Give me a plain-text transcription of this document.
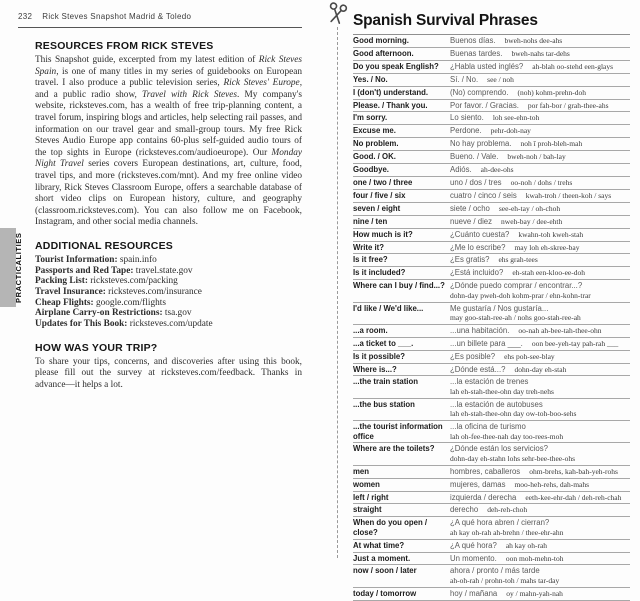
232 Rick Steves Snapshot Madrid & Toledo
RESOURCES FROM RICK STEVES

This Snapshot guide, excerpted from my latest edition of Rick Steves Spain, is one of many titles in my series of guidebooks on European travel. I also produce a public television series, Rick Steves' Europe, and a public radio show, Travel with Rick Steves. My company's website, ricksteves.com, has a wealth of free trip-planning content, a travel forum, inspiring blogs and articles, help selecting rail passes, and information on our travel gear and small-group tours. My free Rick Steves Audio Europe app contains 60-plus self-guided audio tours of the top sights in Europe (ricksteves.com/audioeurope). Our Monday Night Travel series covers European destinations, art, culture, food, travel tips, and more (ricksteves.com/mnt). And my free online video library, Rick Steves Classroom Europe, offers a searchable database of short video clips on European history, culture, and geography (classroom.ricksteves.com). You can also follow me on Facebook, Instagram, and other social media channels.

ADDITIONAL RESOURCES
Tourist Information: spain.info
Passports and Red Tape: travel.state.gov
Packing List: ricksteves.com/packing
Travel Insurance: ricksteves.com/insurance
Cheap Flights: google.com/flights
Airplane Carry-on Restrictions: tsa.gov
Updates for This Book: ricksteves.com/update
HOW WAS YOUR TRIP?

To share your tips, concerns, and discoveries after using this book, please fill out the survey at ricksteves.com/feedback. Thanks in advance—it helps a lot.

PRACTICALITIES
Spanish Survival Phrases
Good morning.	Buenos días. bweh-nohs dee-ahs
Good afternoon.	Buenas tardes. bweh-nahs tar-dehs
Do you speak English?	¿Habla usted inglés? ah-blah oo-stehd een-glays
Yes. / No.	Sí. / No. see / noh
I (don't) understand.	(No) comprendo. (noh) kohm-prehn-doh
Please. / Thank you.	Por favor. / Gracias. por fah-bor / grah-thee-ahs
I'm sorry.	Lo siento. loh see-ehn-toh
Excuse me.	Perdone. pehr-doh-nay
No problem.	No hay problema. noh ī proh-bleh-mah
Good. / OK.	Bueno. / Vale. bweh-noh / bah-lay
Goodbye.	Adiós. ah-dee-ohs
one / two / three	uno / dos / tres oo-noh / dohs / trehs
four / five / six	cuatro / cinco / seis kwah-troh / theen-koh / says
seven / eight	siete / ocho see-eh-tay / oh-choh
nine / ten	nueve / diez nweh-bay / dee-ehth
How much is it?	¿Cuánto cuesta? kwahn-toh kweh-stah
Write it?	¿Me lo escribe? may loh eh-skree-bay
Is it free?	¿Es gratis? ehs grah-tees
Is it included?	¿Está incluido? eh-stah een-kloo-ee-doh
Where can I buy / find...? ¿Dónde puedo comprar / encontrar...?
dohn-day pweh-doh kohm-prar / ehn-kohn-trar
I'd like / We'd like...	Me gustaría / Nos gustaría...
may goo-stah-ree-ah / nohs goo-stah-ree-ah
...a room.	...una habitación. oo-nah ah-bee-tah-thee-ohn
...a ticket to ___.	...un billete para ___. oon bee-yeh-tay pah-rah ___
Is it possible?	¿Es posible? ehs poh-see-blay
Where is...?	¿Dónde está...? dohn-day eh-stah
...the train station	...la estación de trenes
lah eh-stah-thee-ohn day treh-nehs
...the bus station	...la estación de autobuses
lah eh-stah-thee-ohn day ow-toh-boo-sehs
...the tourist information office
...la oficina de turismo
lah oh-fee-thee-nah day too-rees-moh
Where are the toilets?	¿Dónde están los servicios?
dohn-day eh-stahn lohs sehr-bee-thee-ohs
men	hombres, caballeros ohm-brehs, kah-bah-yeh-rohs
women	mujeres, damas moo-heh-rehs, dah-mahs
left / right	izquierda / derecha eeth-kee-ehr-dah / deh-reh-chah
straight	derecho deh-reh-choh
When do you open / close?
¿A qué hora abren / cierran?
ah kay oh-rah ah-brehn / thee-ehr-ahn
At what time?	¿A qué hora? ah kay oh-rah
Just a moment.	Un momento. oon moh-mehn-toh
now / soon / later	ahora / pronto / más tarde
ah-oh-rah / prohn-toh / mahs tar-day
today / tomorrow	hoy / mañana oy / mahn-yah-nah
